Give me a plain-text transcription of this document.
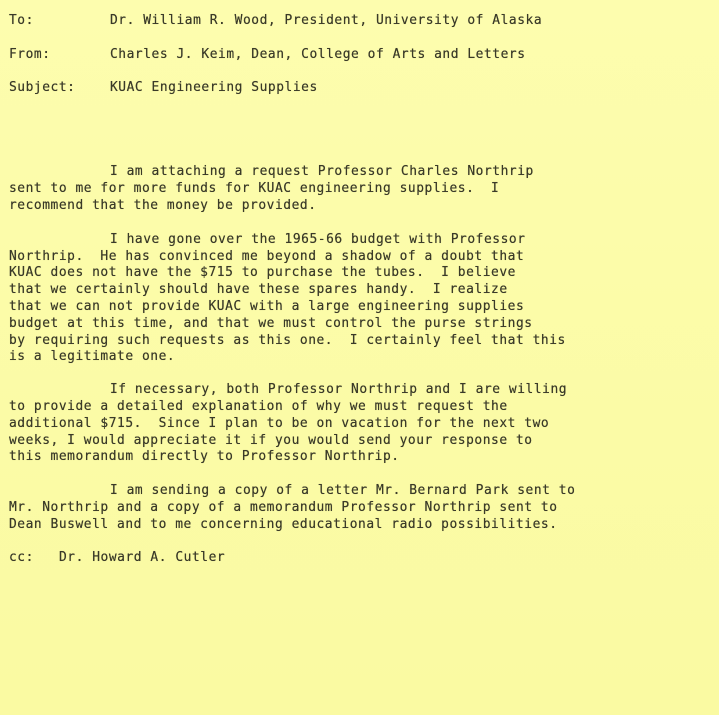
To:	Dr. William R. Wood, President, University of Alaska
From:	Charles J. Keim, Dean, College of Arts and Letters
Subject:	KUAC Engineering Supplies
I am attaching a request Professor Charles Northrip
sent to me for more funds for KUAC engineering supplies.  I
recommend that the money be provided.
I have gone over the 1965-66 budget with Professor
Northrip.  He has convinced me beyond a shadow of a doubt that
KUAC does not have the $715 to purchase the tubes.  I believe
that we certainly should have these spares handy.  I realize
that we can not provide KUAC with a large engineering supplies
budget at this time, and that we must control the purse strings
by requiring such requests as this one.  I certainly feel that this
is a legitimate one.
If necessary, both Professor Northrip and I are willing
to provide a detailed explanation of why we must request the
additional $715.  Since I plan to be on vacation for the next two
weeks, I would appreciate it if you would send your response to
this memorandum directly to Professor Northrip.
I am sending a copy of a letter Mr. Bernard Park sent to
Mr. Northrip and a copy of a memorandum Professor Northrip sent to
Dean Buswell and to me concerning educational radio possibilities.
cc: Dr. Howard A. Cutler
